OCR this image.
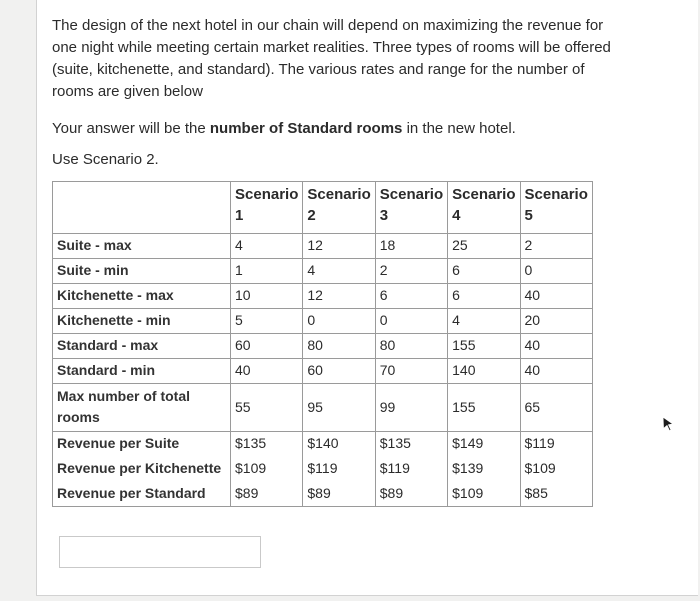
The design of the next hotel in our chain will depend on maximizing the revenue for one night while meeting certain market realities. Three types of rooms will be offered (suite, kitchenette, and standard). The various rates and range for the number of rooms are given below

Your answer will be the number of Standard rooms in the new hotel.

Use Scenario 2.

	Scenario 1	Scenario 2	Scenario 3	Scenario 4	Scenario 5
Suite - max	4	12	18	25	2
Suite - min	1	4	2	6	0
Kitchenette - max	10	12	6	6	40
Kitchenette - min	5	0	0	4	20
Standard - max	60	80	80	155	40
Standard - min	40	60	70	140	40
Max number of total rooms	55	95	99	155	65
Revenue per Suite	$135	$140	$135	$149	$119
Revenue per Kitchenette	$109	$119	$119	$139	$109
Revenue per Standard	$89	$89	$89	$109	$85
